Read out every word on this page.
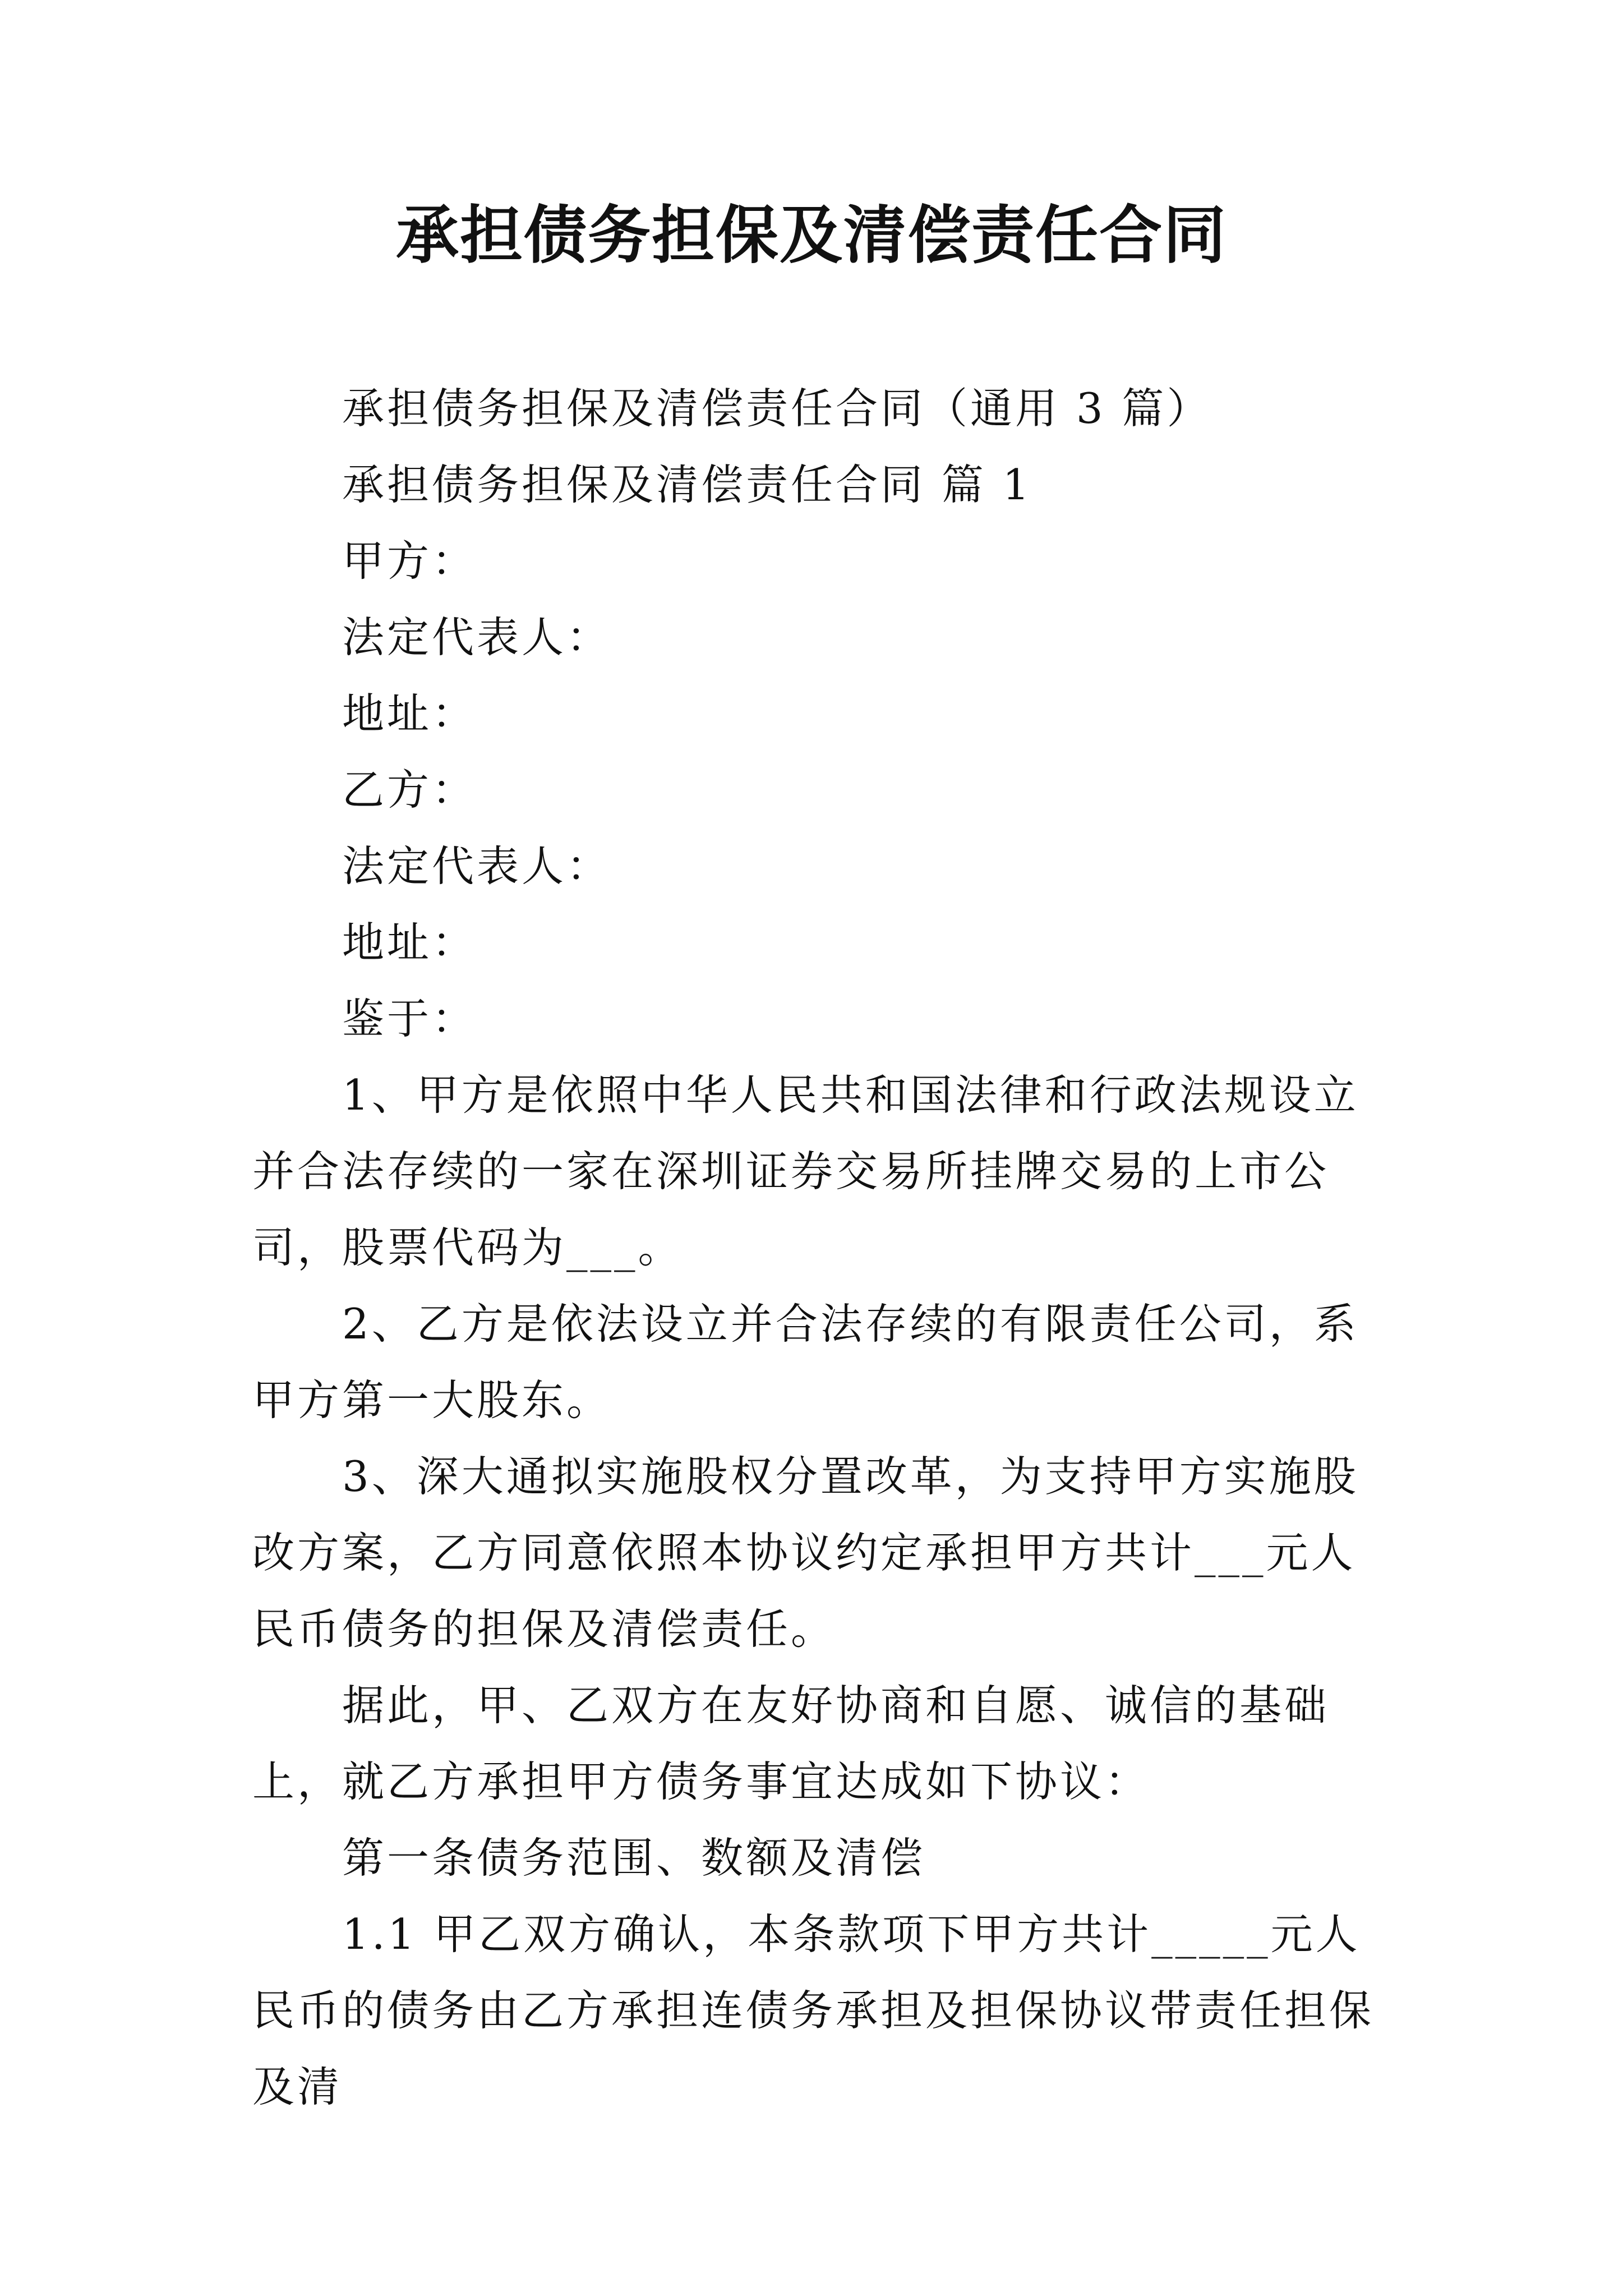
承担债务担保及清偿责任合同

承担债务担保及清偿责任合同（通用 3 篇）

承担债务担保及清偿责任合同 篇 1

甲方：

法定代表人：

地址：

乙方：

法定代表人：

地址：

鉴于：

1、甲方是依照中华人民共和国法律和行政法规设立并合法存续的一家在深圳证券交易所挂牌交易的上市公司，股票代码为___。

2、乙方是依法设立并合法存续的有限责任公司，系甲方第一大股东。

3、深大通拟实施股权分置改革，为支持甲方实施股改方案，乙方同意依照本协议约定承担甲方共计___元人民币债务的担保及清偿责任。

据此，甲、乙双方在友好协商和自愿、诚信的基础上，就乙方承担甲方债务事宜达成如下协议：

第一条债务范围、数额及清偿

1.1 甲乙双方确认，本条款项下甲方共计_____元人民币的债务由乙方承担连债务承担及担保协议带责任担保及清
